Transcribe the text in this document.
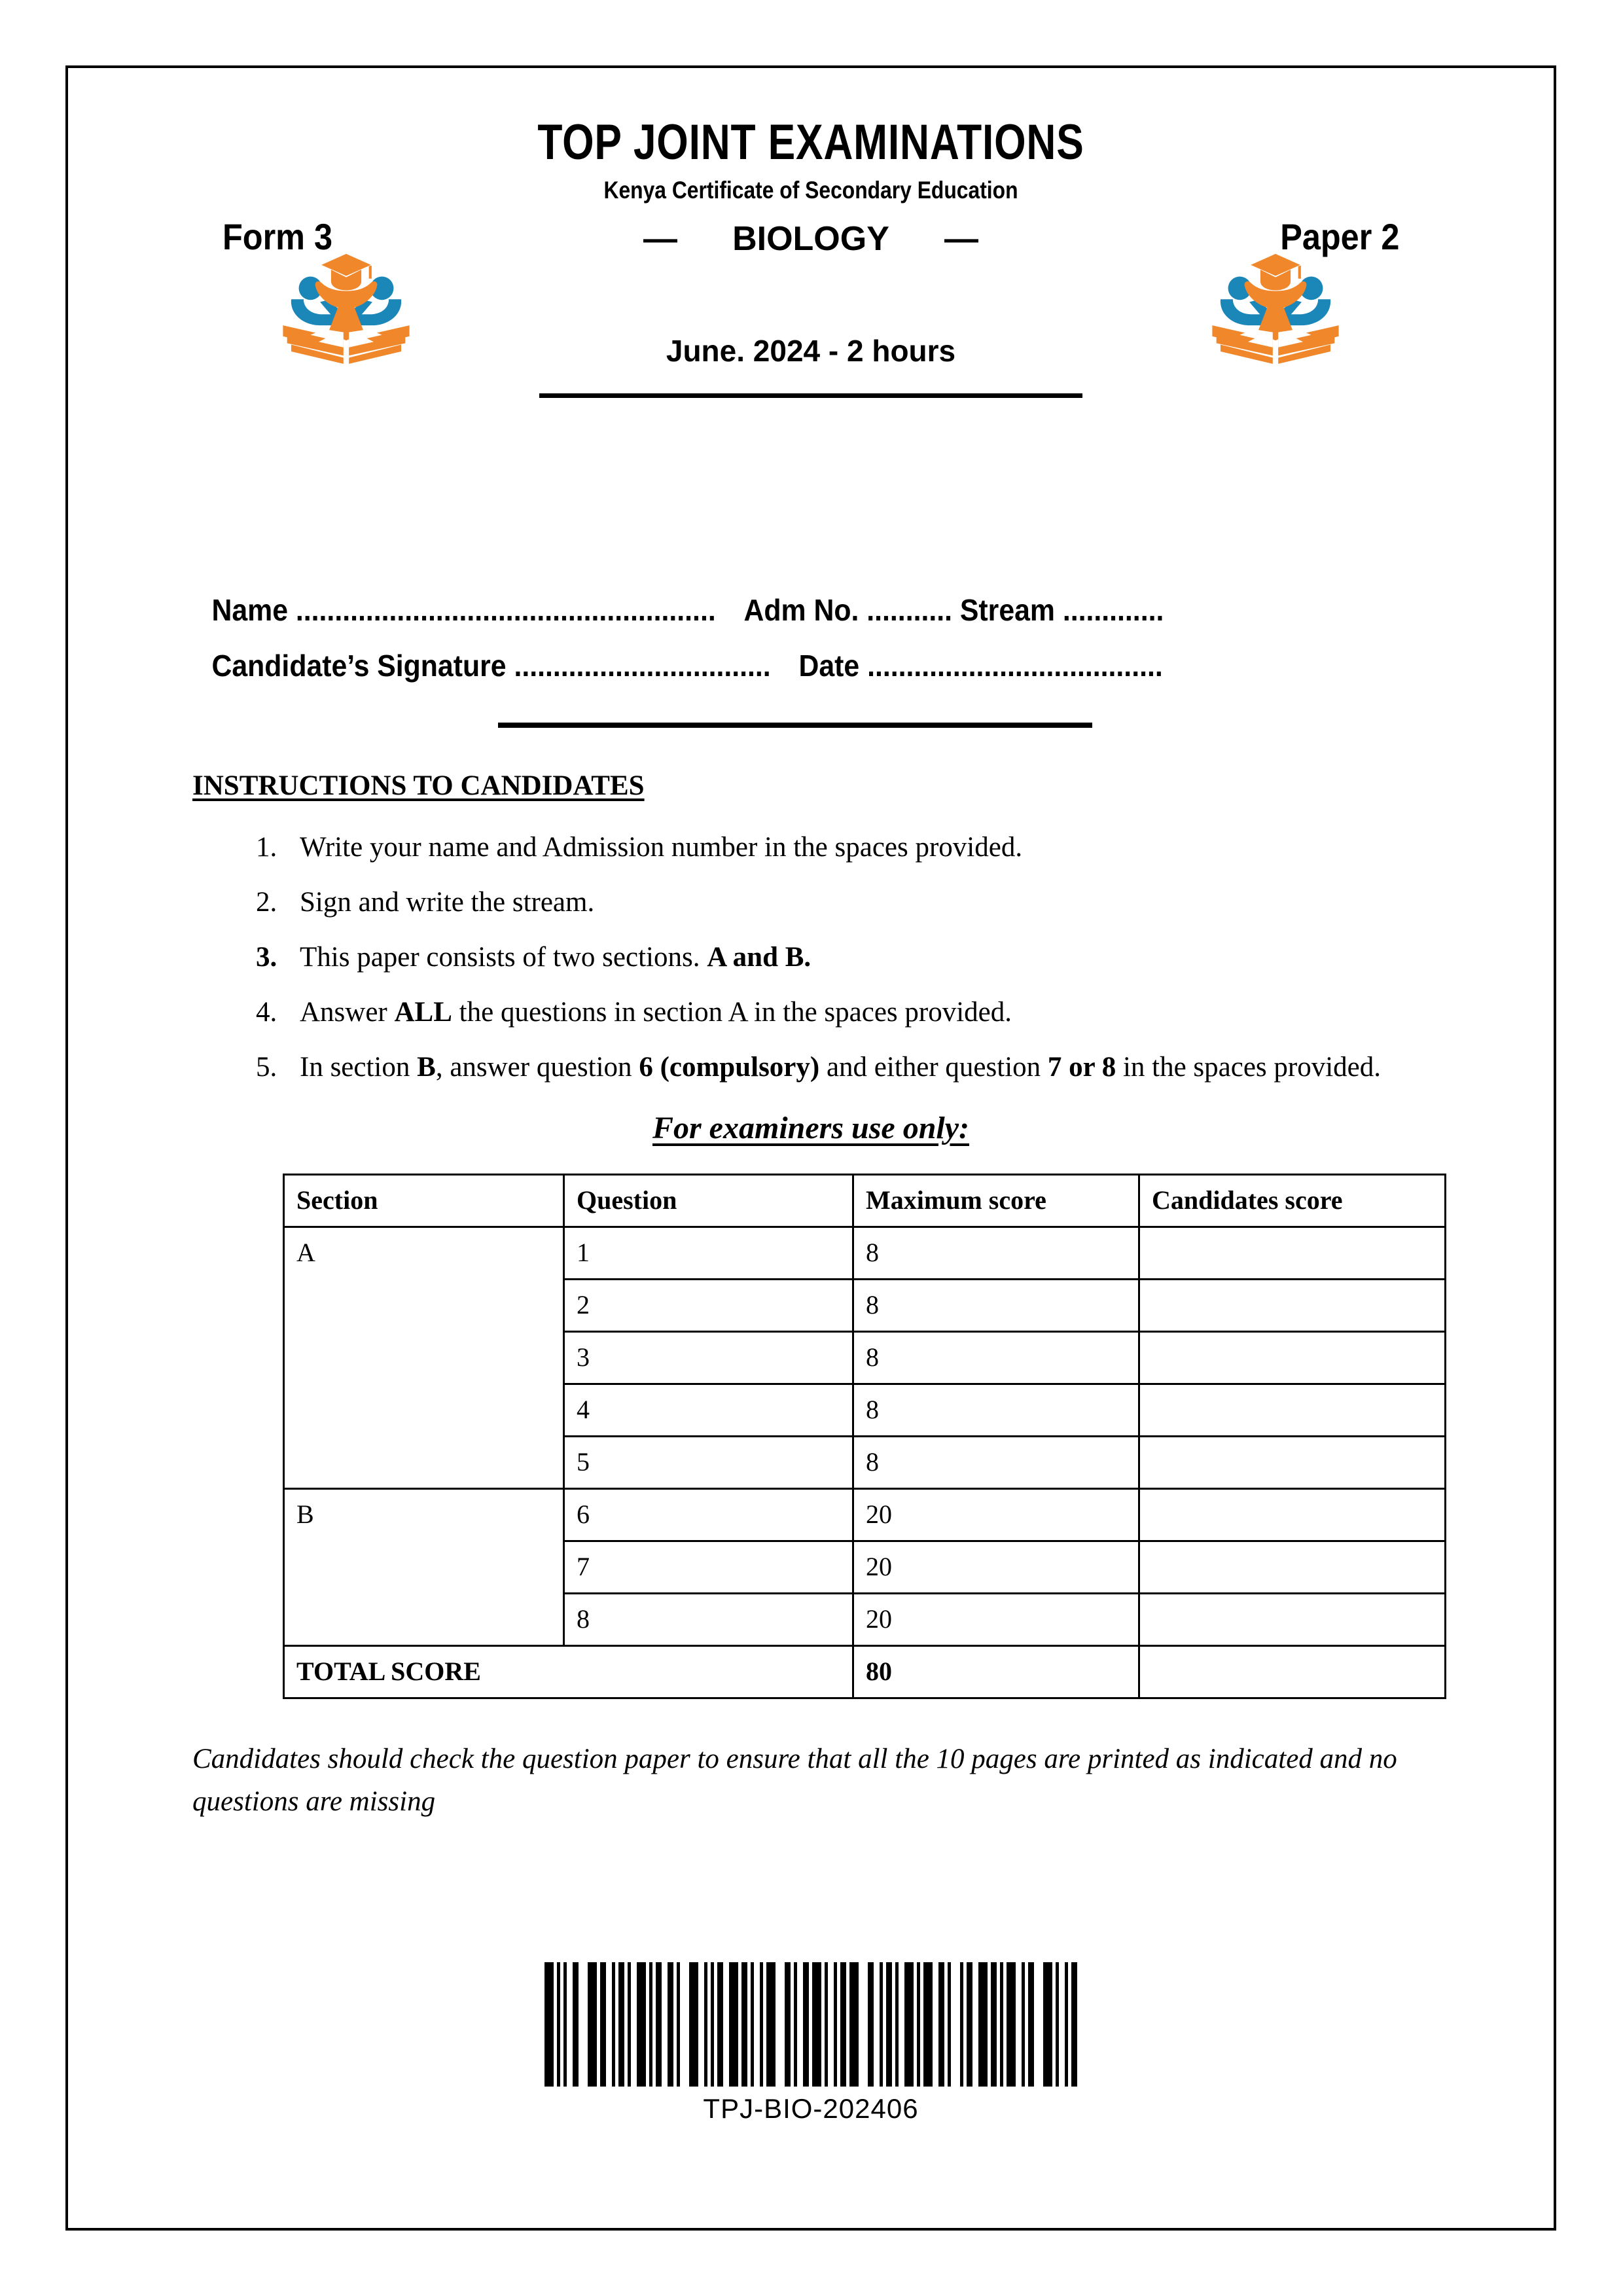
TOP JOINT EXAMINATIONS
Kenya Certificate of Secondary Education
Form 3	— BIOLOGY —	Paper 2
June. 2024 - 2 hours
Name ...................................................... Adm No. ........... Stream .............
Candidate’s Signature ................................. Date ......................................
INSTRUCTIONS TO CANDIDATES
1. Write your name and Admission number in the spaces provided.
2. Sign and write the stream.
3. This paper consists of two sections. A and B.
4. Answer ALL the questions in section A in the spaces provided.
5. In section B, answer question 6 (compulsory) and either question 7 or 8 in the spaces provided.
For examiners use only:
Section	Question	Maximum score	Candidates score
A	1	8	
	2	8	
	3	8	
	4	8	
	5	8	
B	6	20	
	7	20	
	8	20	
TOTAL SCORE		80	
Candidates should check the question paper to ensure that all the 10 pages are printed as indicated and no questions are missing
TPJ-BIO-202406
